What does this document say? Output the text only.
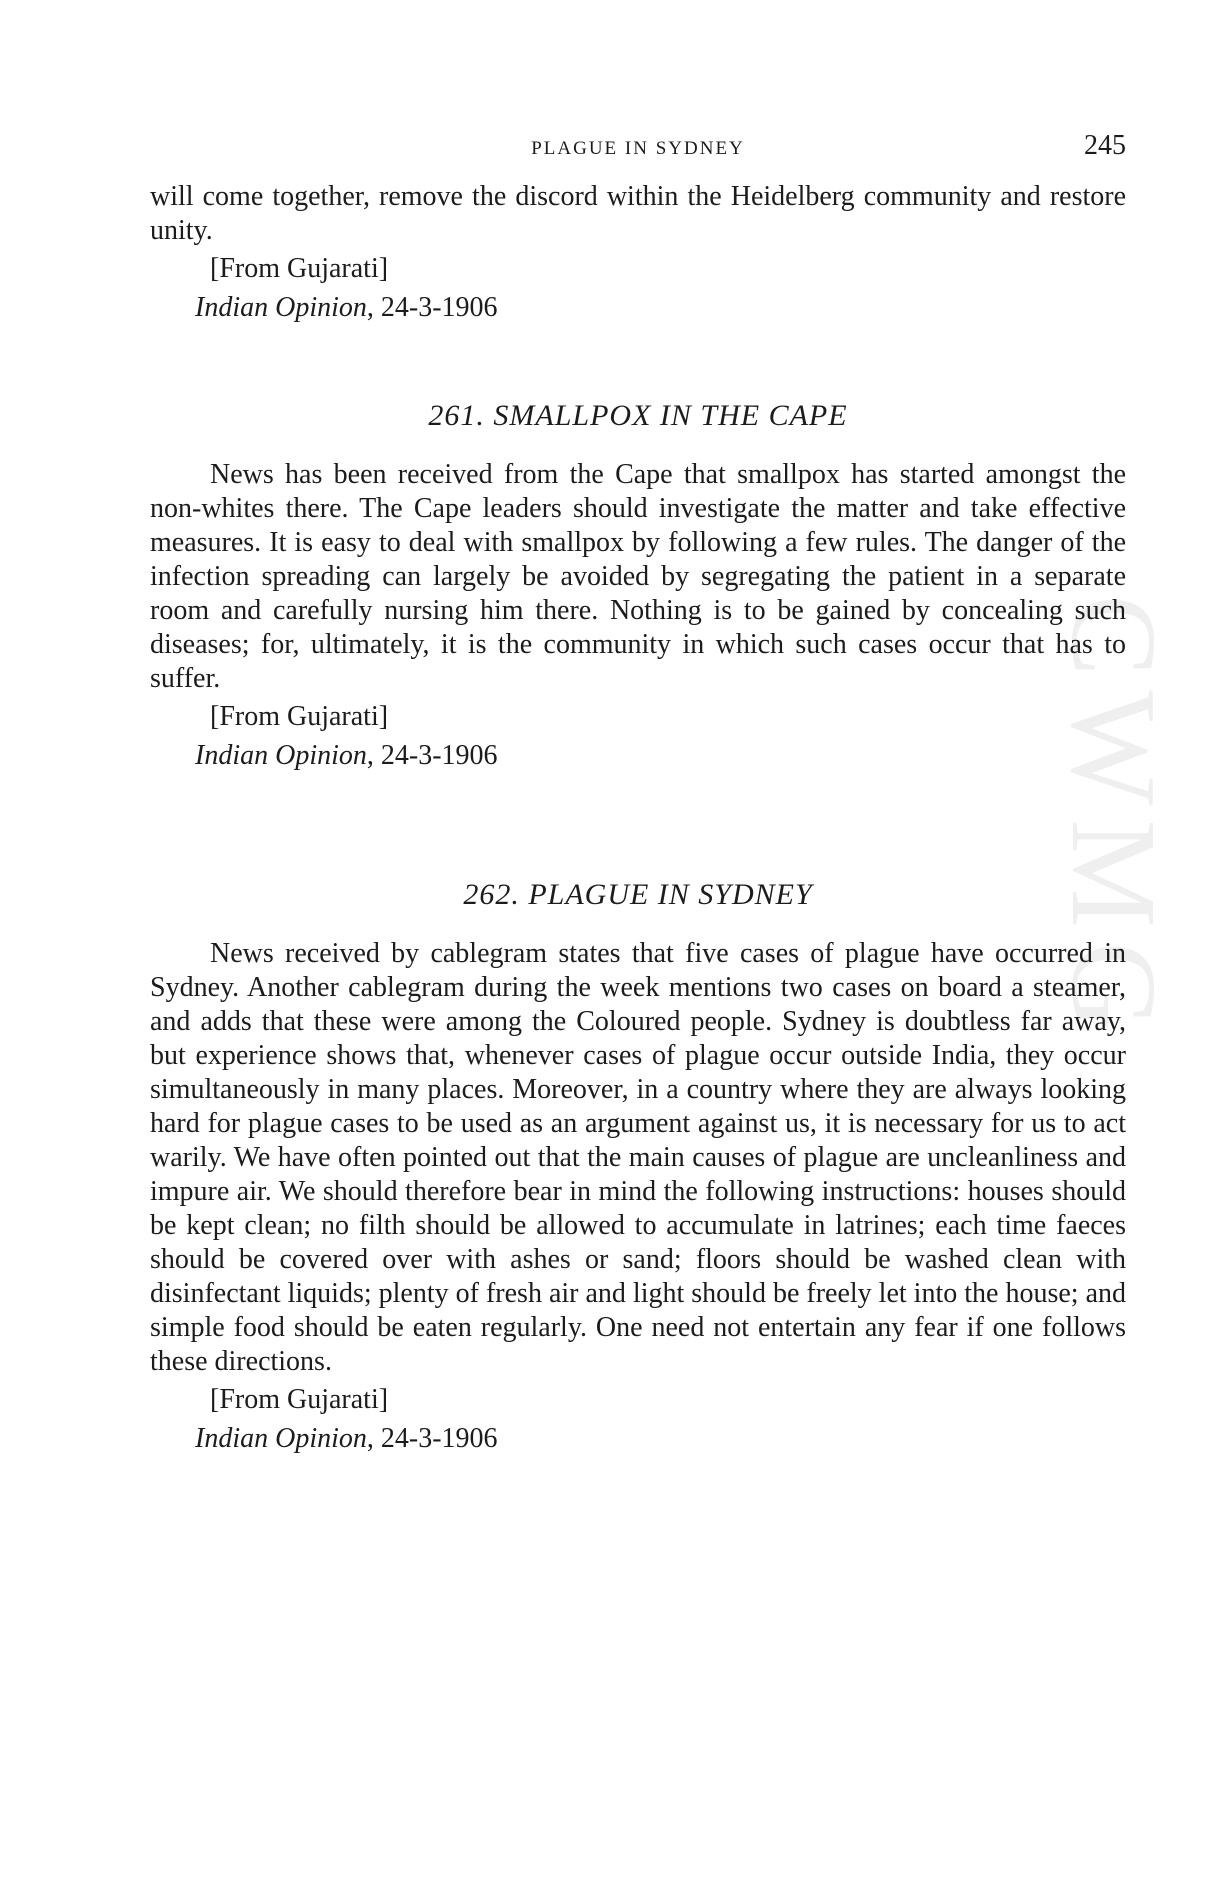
CWMG
PLAGUE IN SYDNEY	245

will come together, remove the discord within the Heidelberg community and restore unity.

[From Gujarati]

Indian Opinion, 24-3-1906

261. SMALLPOX IN THE CAPE

News has been received from the Cape that smallpox has started amongst the non-whites there. The Cape leaders should investigate the matter and take effective measures. It is easy to deal with smallpox by following a few rules. The danger of the infection spreading can largely be avoided by segregating the patient in a separate room and carefully nursing him there. Nothing is to be gained by concealing such diseases; for, ultimately, it is the community in which such cases occur that has to suffer.

[From Gujarati]

Indian Opinion, 24-3-1906

262. PLAGUE IN SYDNEY

News received by cablegram states that five cases of plague have occurred in Sydney. Another cablegram during the week mentions two cases on board a steamer, and adds that these were among the Coloured people. Sydney is doubtless far away, but experience shows that, whenever cases of plague occur outside India, they occur simultaneously in many places. Moreover, in a country where they are always looking hard for plague cases to be used as an argument against us, it is necessary for us to act warily. We have often pointed out that the main causes of plague are uncleanliness and impure air. We should therefore bear in mind the following instructions: houses should be kept clean; no filth should be allowed to accumulate in latrines; each time faeces should be covered over with ashes or sand; floors should be washed clean with disinfectant liquids; plenty of fresh air and light should be freely let into the house; and simple food should be eaten regularly. One need not entertain any fear if one follows these directions.

[From Gujarati]

Indian Opinion, 24-3-1906
